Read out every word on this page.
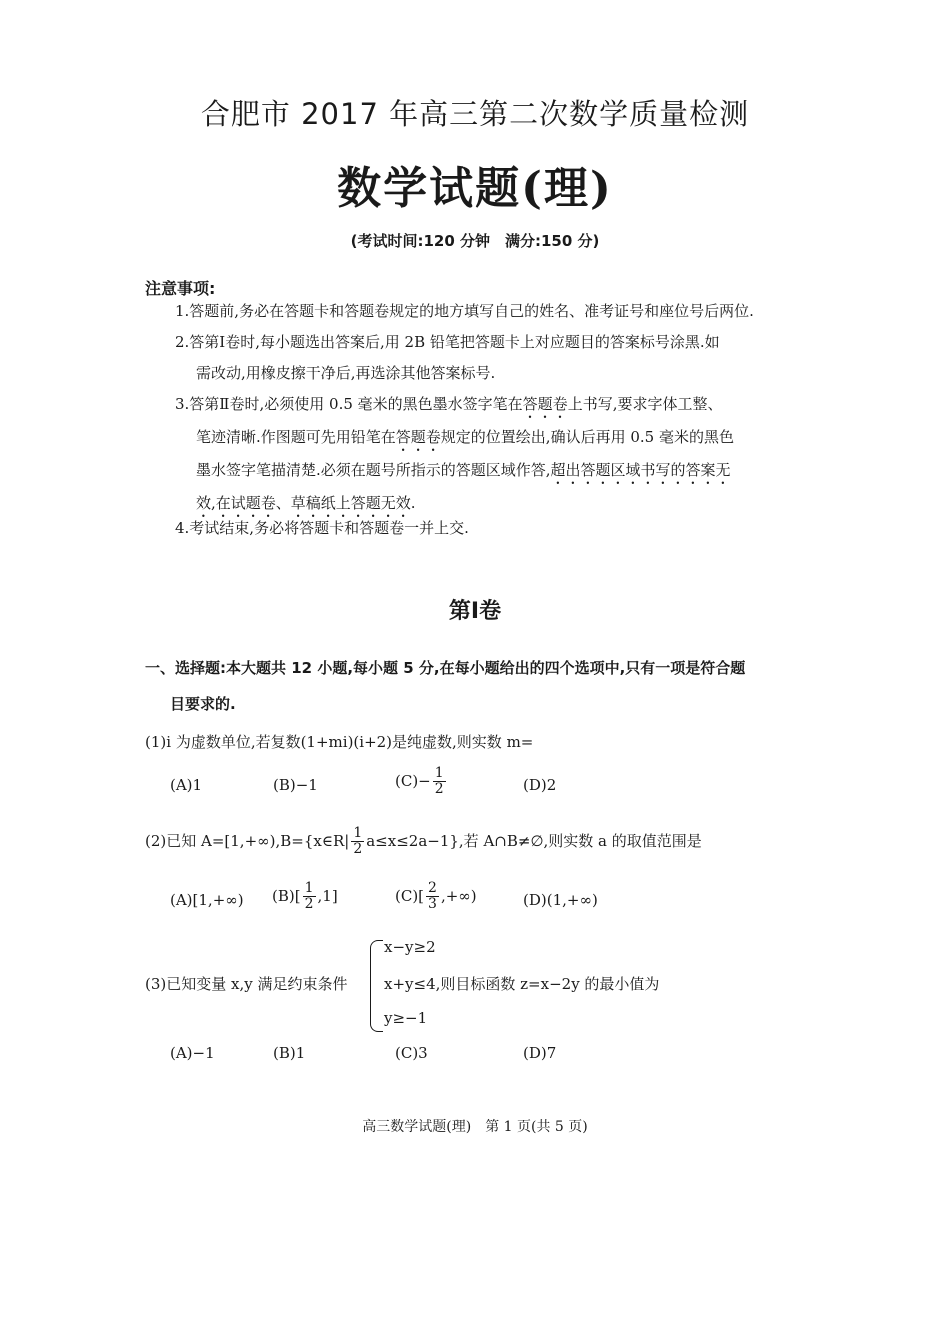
合肥市 2017 年高三第二次数学质量检测
数学试题(理)
(考试时间:120 分钟　满分:150 分)
注意事项:
1.答题前,务必在答题卡和答题卷规定的地方填写自己的姓名、准考证号和座位号后两位.
2.答第Ⅰ卷时,每小题选出答案后,用 2B 铅笔把答题卡上对应题目的答案标号涂黑.如
需改动,用橡皮擦干净后,再选涂其他答案标号.
3.答第Ⅱ卷时,必须使用 0.5 毫米的黑色墨水签字笔在答题卷上书写,要求字体工整、
笔迹清晰.作图题可先用铅笔在答题卷规定的位置绘出,确认后再用 0.5 毫米的黑色
墨水签字笔描清楚.必须在题号所指示的答题区域作答,超出答题区域书写的答案无
效,在试题卷、草稿纸上答题无效.
4.考试结束,务必将答题卡和答题卷一并上交.
第Ⅰ卷
一、选择题:本大题共 12 小题,每小题 5 分,在每小题给出的四个选项中,只有一项是符合题
目要求的.
(1)i 为虚数单位,若复数(1+mi)(i+2)是纯虚数,则实数 m=
(A)1	(B)−1	$(C)- \frac{1}{2}$	(D)2
(2)已知 A=[1,+∞),B={x∈R| $\frac{1}{2} a\le x\le 2a-1$},若 A∩B≠∅,则实数 a 的取值范围是
(A)[1,+∞) $(B)[ \frac{1}{2} ,1]$	$(C)[ \frac{2}{3}$ ,+∞)	(D)(1,+∞)
(3)已知变量 x,y 满足约束条件
x−y≥2
x+y≤4,则目标函数 z=x−2y 的最小值为
y≥−1
(A)−1	(B)1	(C)3	(D)7
高三数学试题(理)　第 1 页(共 5 页)
